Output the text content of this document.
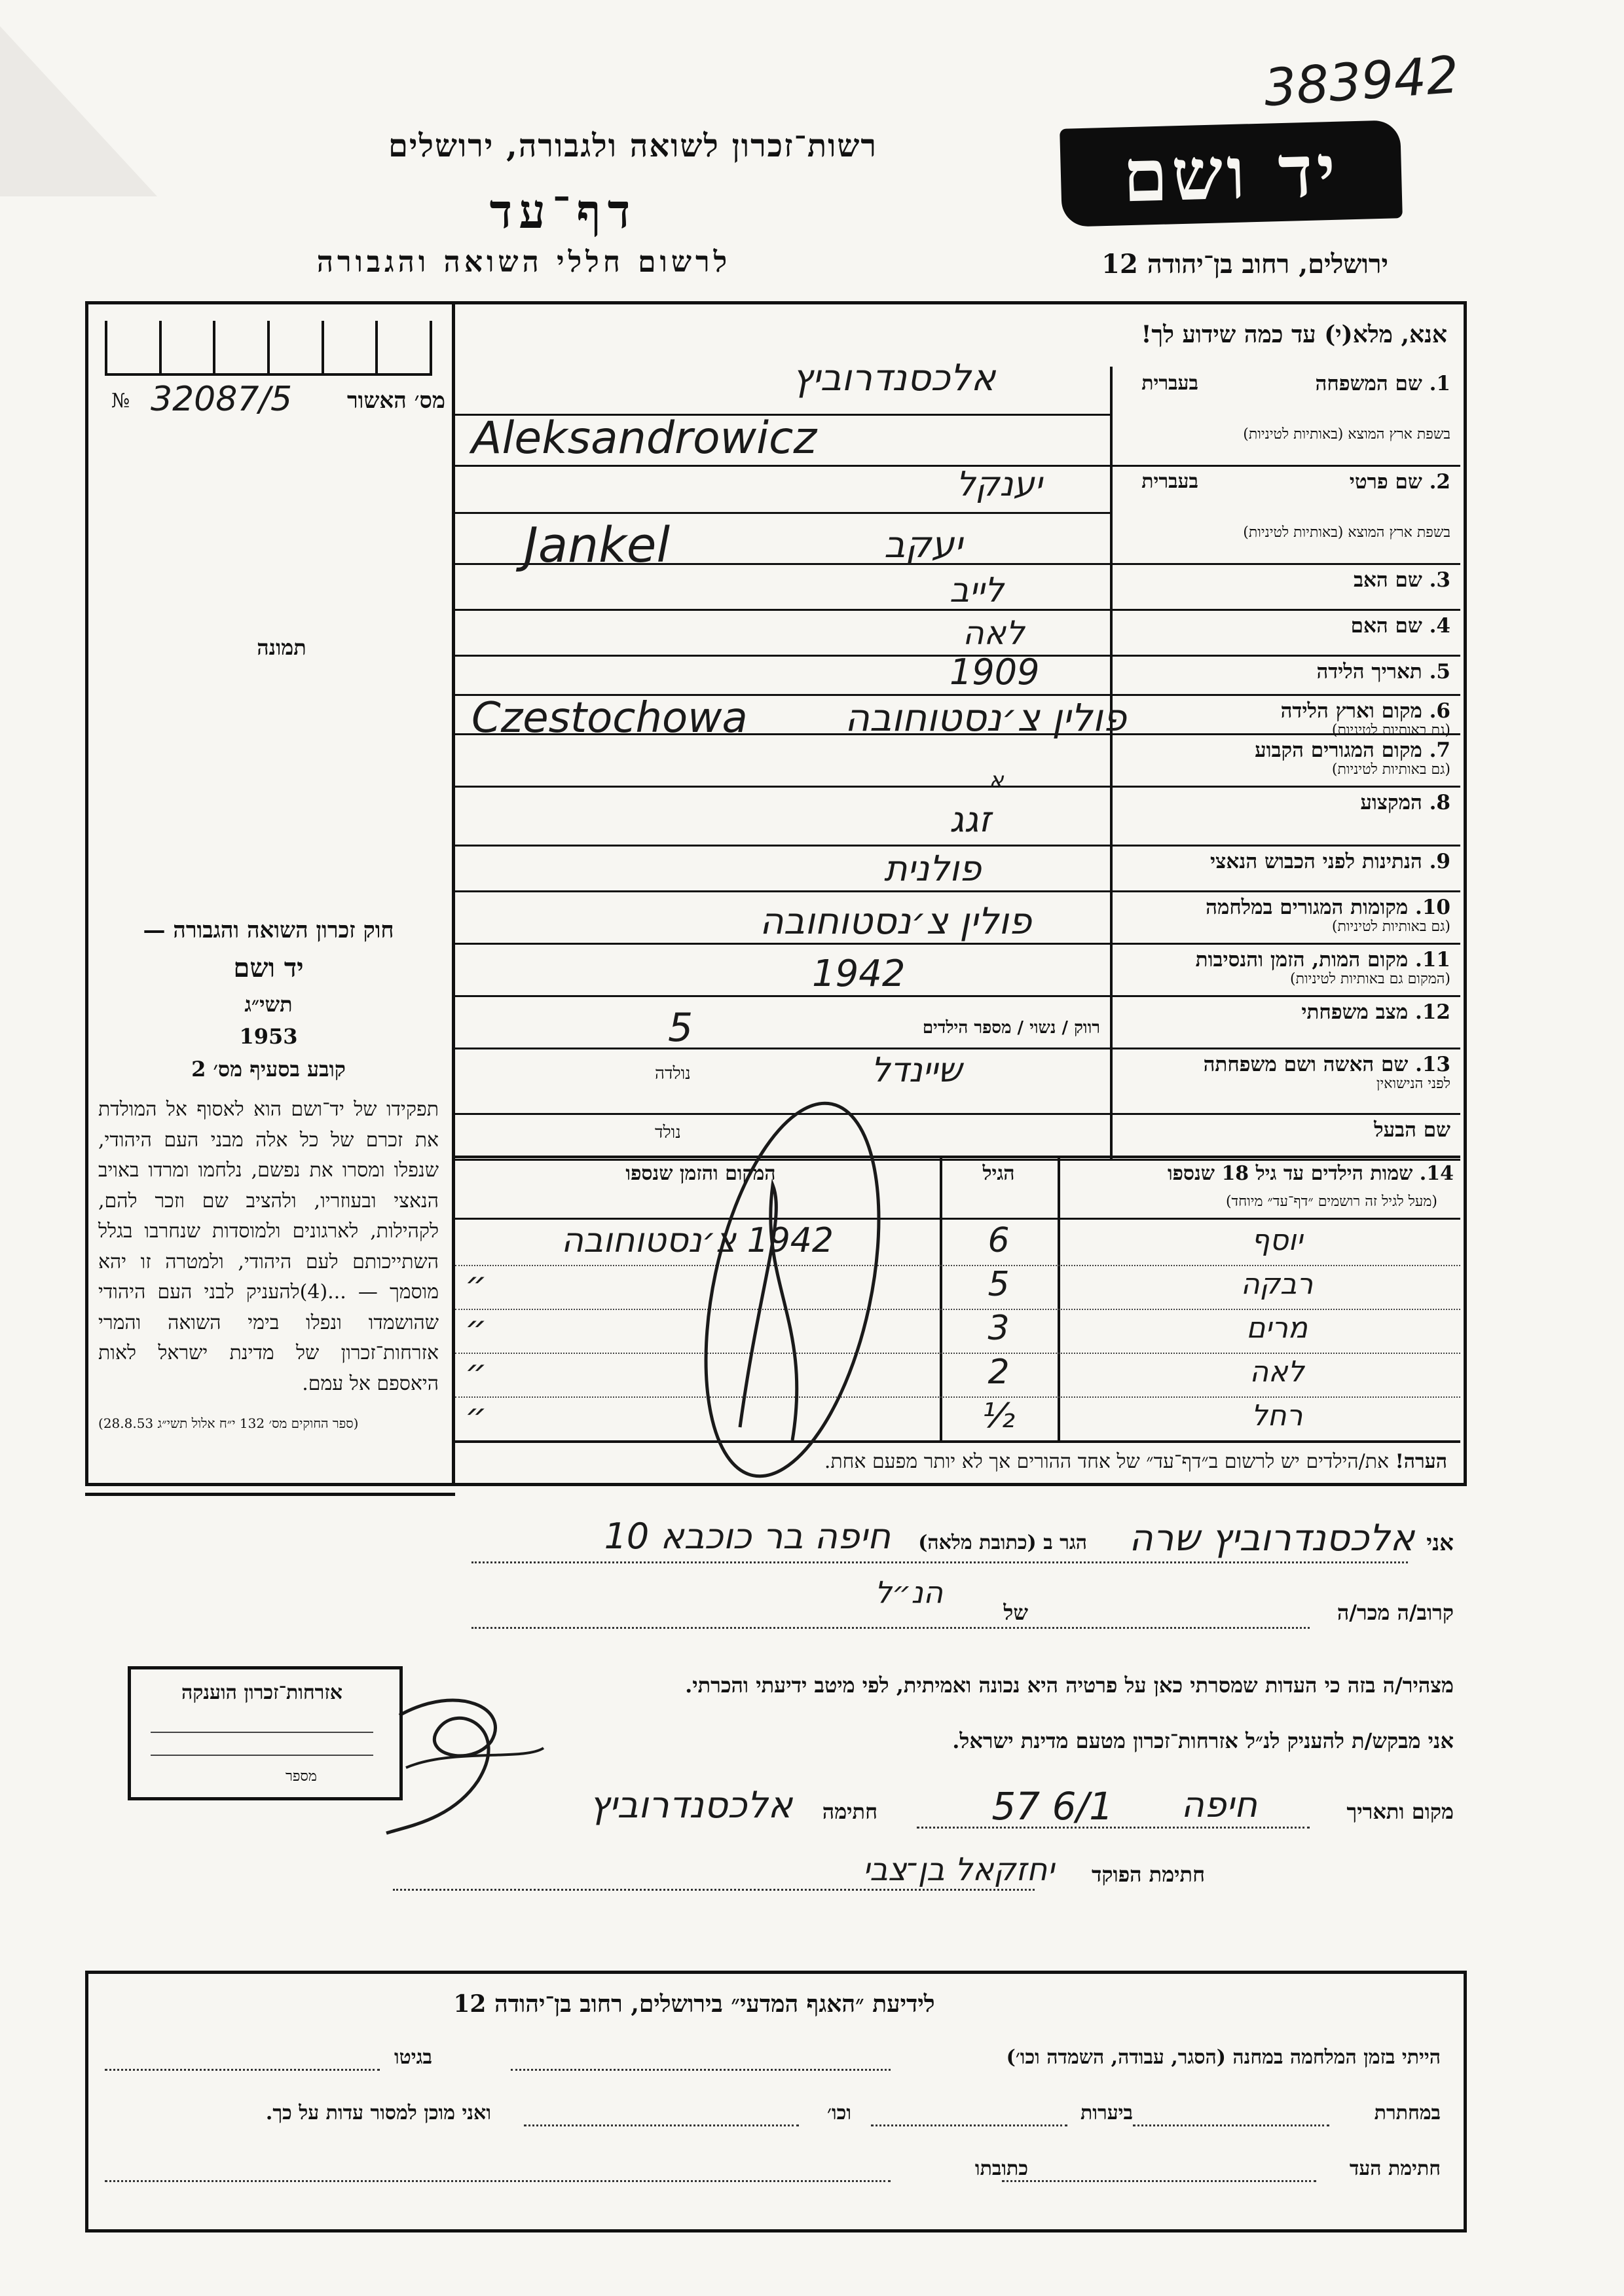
383942
יד ושם
ירושלים, רחוב בן־יהודה 12
רשות־זכרון לשואה ולגבורה, ירושלים
דף־עד
לרשום חללי השואה והגבורה
№ 32087/5 מס׳ האשור
תמונה
חוק זכרון השואה והגבורה —
יד ושם
תשי״ג
1953
קובע בסעיף מס׳ 2
תפקידו של יד־ושם הוא לאסוף אל המולדת את זכרם של כל אלה מבני העם היהודי, שנפלו ומסרו את נפשם, נלחמו ומרדו באויב הנאצי ובעוזריו, ולהציב שם וזכר להם, לקהילות, לארגונים ולמוסדות שנחרבו בגלל השתייכותם לעם היהודי, ולמטרה זו יהא מוסמך — ...(4)להעניק לבני העם היהודי שהושמדו ונפלו בימי השואה והמרי אזרחות־זכרון של מדינת ישראל לאות היאספם אל עמם.
(ספר החוקים מס׳ 132 י״ח אלול תשי״ג 28.8.53)
אנא, מלא(י) עד כמה שידוע לך!
1. שם המשפחה
בשפת ארץ המוצא (באותיות לטיניות)
בעברית
2. שם פרטי
בשפת ארץ המוצא (באותיות לטיניות)
בעברית
3. שם האב
4. שם האם
5. תאריך הלידה
6. מקום וארץ הלידה
(גם באותיות לטיניות)
7. מקום המגורים הקבוע
(גם באותיות לטיניות)
8. המקצוע
9. הנתינות לפני הכבוש הנאצי
10. מקומות המגורים במלחמה
(גם באותיות לטיניות)
11. מקום המות, הזמן והנסיבות
(המקום גם באותיות לטיניות)
12. מצב משפחתי
13. שם האשה ושם משפחתה
לפני הנישואין
שם הבעל
אלכסנדרוביץ
Aleksandrowicz
יענקל
Jankel	יעקב
לייב
לאה
1909
Czestochowa	פולין צ׳נסטוחובה
א
זגג
פולנית
פולין צ׳נסטוחובה
1942
רווק / נשוי / מספר הילדים
5
שיינדל
נולדה
נולד
14. שמות הילדים עד גיל 18 שנספו
(מעל לגיל זה רושמים ״דף־עד״ מיוחד)
הגיל
המקום והזמן שנספו
יוסף
6
1942 צ׳נסטוחובה
רבקה
5
״
מרים
3
״
לאה
2
״
רחל
½
״
הערה! את/הילדים יש לרשום ב״דף־עד״ של אחד ההורים אך לא יותר מפעם אחת.
אני
אלכסנדרוביץ שרה
הגר ב (כתובת מלאה)
חיפה בר כוכבא 10
קרוב/ה מכר/ה
של
הנ״ל
מצהיר/ה בזה כי העדות שמסרתי כאן על פרטיה היא נכונה ואמיתית, לפי מיטב ידיעתי והכרתי.
אני מבקש/ת להעניק לנ״ל אזרחות־זכרון מטעם מדינת ישראל.
מקום ותאריך
חיפה
6/1 57
חתימה
אלכסנדרוביץ
חתימת הפוקד
יחזקאל בן־צבי
אזרחות־זכרון הוענקה
מספר
לידיעת ״האגף המדעי״ בירושלים, רחוב בן־יהודה 12
הייתי בזמן המלחמה במחנה (הסגר, עבודה, השמדה וכו׳)
בגיטו
במחתרת
ביערות
וכו׳
ואני מוכן למסור עדות על כך.
חתימת העד
כתובתו
